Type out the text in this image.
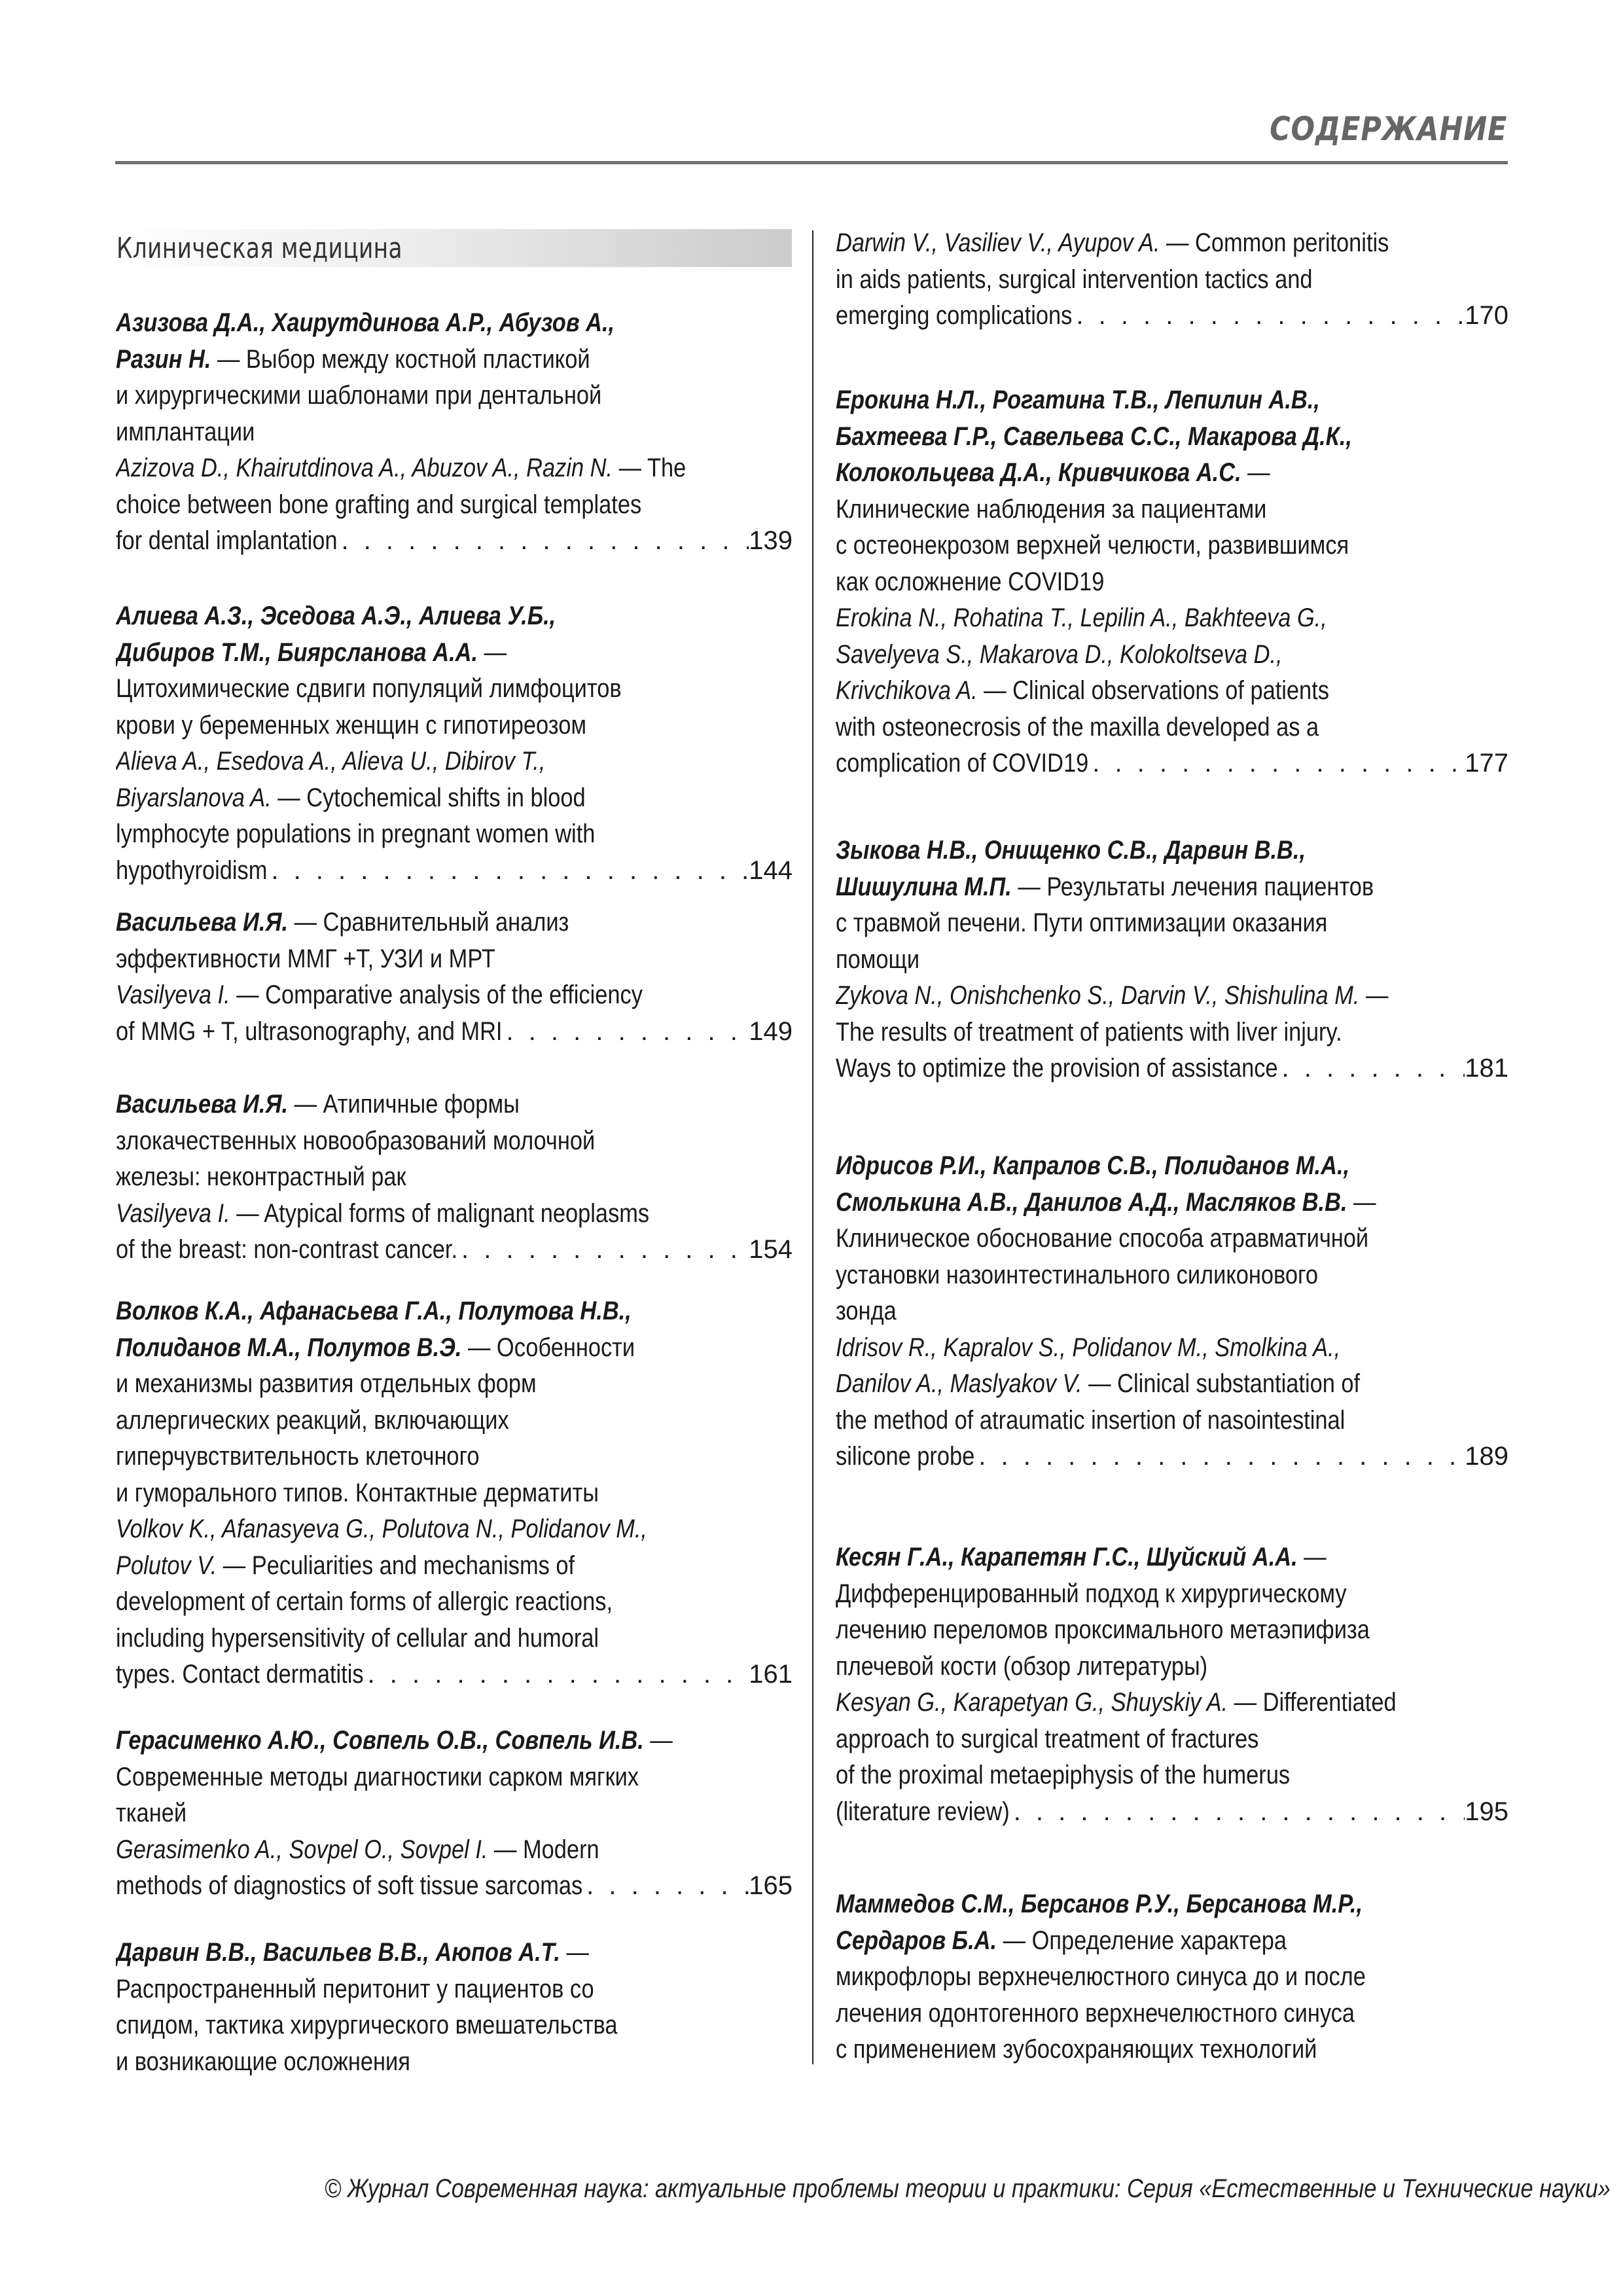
СОДЕРЖАНИЕ
Клиническая медицина
Азизова Д.А., Хаирутдинова А.Р., Абузов А.,
Разин Н. — Выбор между костной пластикой
и хирургическими шаблонами при дентальной
имплантации
Azizova D., Khairutdinova A., Abuzov A., Razin N. — The
choice between bone grafting and surgical templates
for dental implantation . . .	139
Алиева А.З., Эседова А.Э., Алиева У.Б.,
Дибиров Т.М., Биярсланова А.А. —
Цитохимические сдвиги популяций лимфоцитов
крови у беременных женщин с гипотиреозом
Alieva A., Esedova A., Alieva U., Dibirov T.,
Biyarslanova A. — Cytochemical shifts in blood
lymphocyte populations in pregnant women with
hypothyroidism . . .	144
Васильева И.Я. — Сравнительный анализ
эффективности ММГ +Т, УЗИ и МРТ
Vasilyeva I. — Comparative analysis of the efficiency
of MMG + T, ultrasonography, and MRI . . .	149
Васильева И.Я. — Атипичные формы
злокачественных новообразований молочной
железы: неконтрастный рак
Vasilyeva I. — Atypical forms of malignant neoplasms
of the breast: non-contrast cancer. . . .	154
Волков К.А., Афанасьева Г.А., Полутова Н.В.,
Полиданов М.А., Полутов В.Э. — Особенности
и механизмы развития отдельных форм
аллергических реакций, включающих
гиперчувствительность клеточного
и гуморального типов. Контактные дерматиты
Volkov K., Afanasyeva G., Polutova N., Polidanov M.,
Polutov V. — Peculiarities and mechanisms of
development of certain forms of allergic reactions,
including hypersensitivity of cellular and humoral
types. Contact dermatitis . . .	161
Герасименко А.Ю., Совпель О.В., Совпель И.В. —
Современные методы диагностики сарком мягких
тканей
Gerasimenko A., Sovpel O., Sovpel I. — Modern
methods of diagnostics of soft tissue sarcomas . . .	165
Дарвин В.В., Васильев В.В., Аюпов А.Т. —
Распространенный перитонит у пациентов со
спидом, тактика хирургического вмешательства
и возникающие осложнения
Darwin V., Vasiliev V., Ayupov A. — Common peritonitis
in aids patients, surgical intervention tactics and
emerging complications . . .	170
Ерокина Н.Л., Рогатина Т.В., Лепилин А.В.,
Бахтеева Г.Р., Савельева С.С., Макарова Д.К.,
Колокольцева Д.А., Кривчикова А.С. —
Клинические наблюдения за пациентами
с остеонекрозом верхней челюсти, развившимся
как осложнение COVID19
Erokina N., Rohatina T., Lepilin A., Bakhteeva G.,
Savelyeva S., Makarova D., Kolokoltseva D.,
Krivchikova A. — Clinical observations of patients
with osteonecrosis of the maxilla developed as a
complication of COVID19 . . .	177
Зыкова Н.В., Онищенко С.В., Дарвин В.В.,
Шишулина М.П. — Результаты лечения пациентов
с травмой печени. Пути оптимизации оказания
помощи
Zykova N., Onishchenko S., Darvin V., Shishulina M. —
The results of treatment of patients with liver injury.
Ways to optimize the provision of assistance . . .	181
Идрисов Р.И., Капралов С.В., Полиданов М.А.,
Смолькина А.В., Данилов А.Д., Масляков В.В. —
Клиническое обоснование способа атравматичной
установки назоинтестинального силиконового
зонда
Idrisov R., Kapralov S., Polidanov M., Smolkina A.,
Danilov A., Maslyakov V. — Clinical substantiation of
the method of atraumatic insertion of nasointestinal
silicone probe . . .	189
Кесян Г.А., Карапетян Г.С., Шуйский А.А. —
Дифференцированный подход к хирургическому
лечению переломов проксимального метаэпифиза
плечевой кости (обзор литературы)
Kesyan G., Karapetyan G., Shuyskiy A. — Differentiated
approach to surgical treatment of fractures
of the proximal metaepiphysis of the humerus
(literature review) . . .	195
Маммедов С.М., Берсанов Р.У., Берсанова М.Р.,
Сердаров Б.А. — Определение характера
микрофлоры верхнечелюстного синуса до и после
лечения одонтогенного верхнечелюстного синуса
с применением зубосохраняющих технологий
© Журнал Современная наука: актуальные проблемы теории и практики: Серия «Естественные и Технические науки»
